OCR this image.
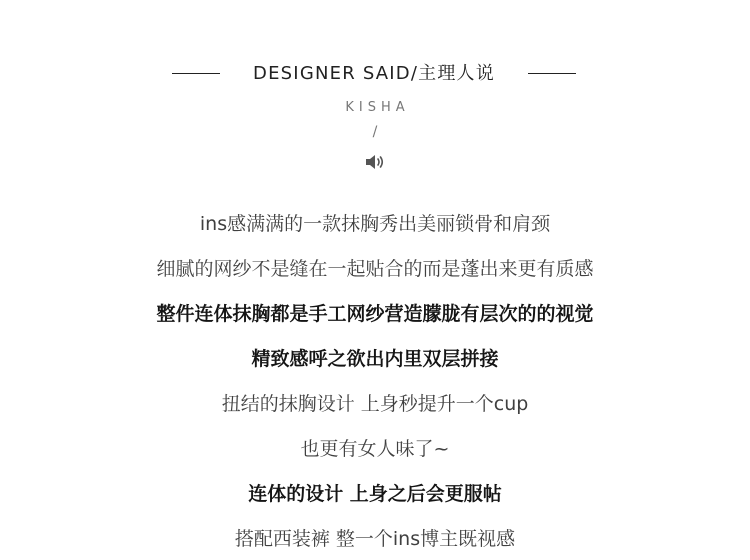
DESIGNER SAID/主理人说
KISHA
/
ins感满满的一款抹胸秀出美丽锁骨和肩颈
细腻的网纱不是缝在一起贴合的而是蓬出来更有质感
整件连体抹胸都是手工网纱营造朦胧有层次的的视觉
精致感呼之欲出内里双层拼接
扭结的抹胸设计 上身秒提升一个cup
也更有女人味了~
连体的设计 上身之后会更服帖
搭配西装裤 整一个ins博主既视感
